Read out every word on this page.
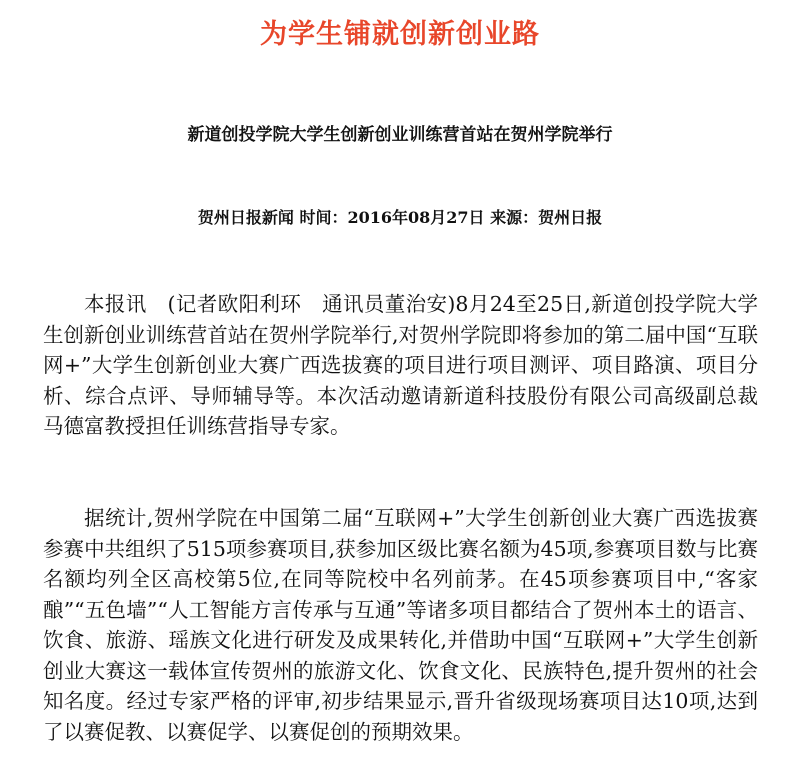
为学生铺就创新创业路
新道创投学院大学生创新创业训练营首站在贺州学院举行
贺州日报新闻 时间：2016年08月27日 来源：贺州日报

本报讯　(记者欧阳利环　通讯员董治安)8月24至25日,新道创投学院大学生创新创业训练营首站在贺州学院举行,对贺州学院即将参加的第二届中国“互联网+”大学生创新创业大赛广西选拔赛的项目进行项目测评、项目路演、项目分析、综合点评、导师辅导等。本次活动邀请新道科技股份有限公司高级副总裁马德富教授担任训练营指导专家。

据统计,贺州学院在中国第二届“互联网+”大学生创新创业大赛广西选拔赛参赛中共组织了515项参赛项目,获参加区级比赛名额为45项,参赛项目数与比赛名额均列全区高校第5位,在同等院校中名列前茅。在45项参赛项目中,“客家酿”“五色墙”“人工智能方言传承与互通”等诸多项目都结合了贺州本土的语言、饮食、旅游、瑶族文化进行研发及成果转化,并借助中国“互联网+”大学生创新创业大赛这一载体宣传贺州的旅游文化、饮食文化、民族特色,提升贺州的社会知名度。经过专家严格的评审,初步结果显示,晋升省级现场赛项目达10项,达到了以赛促教、以赛促学、以赛促创的预期效果。
